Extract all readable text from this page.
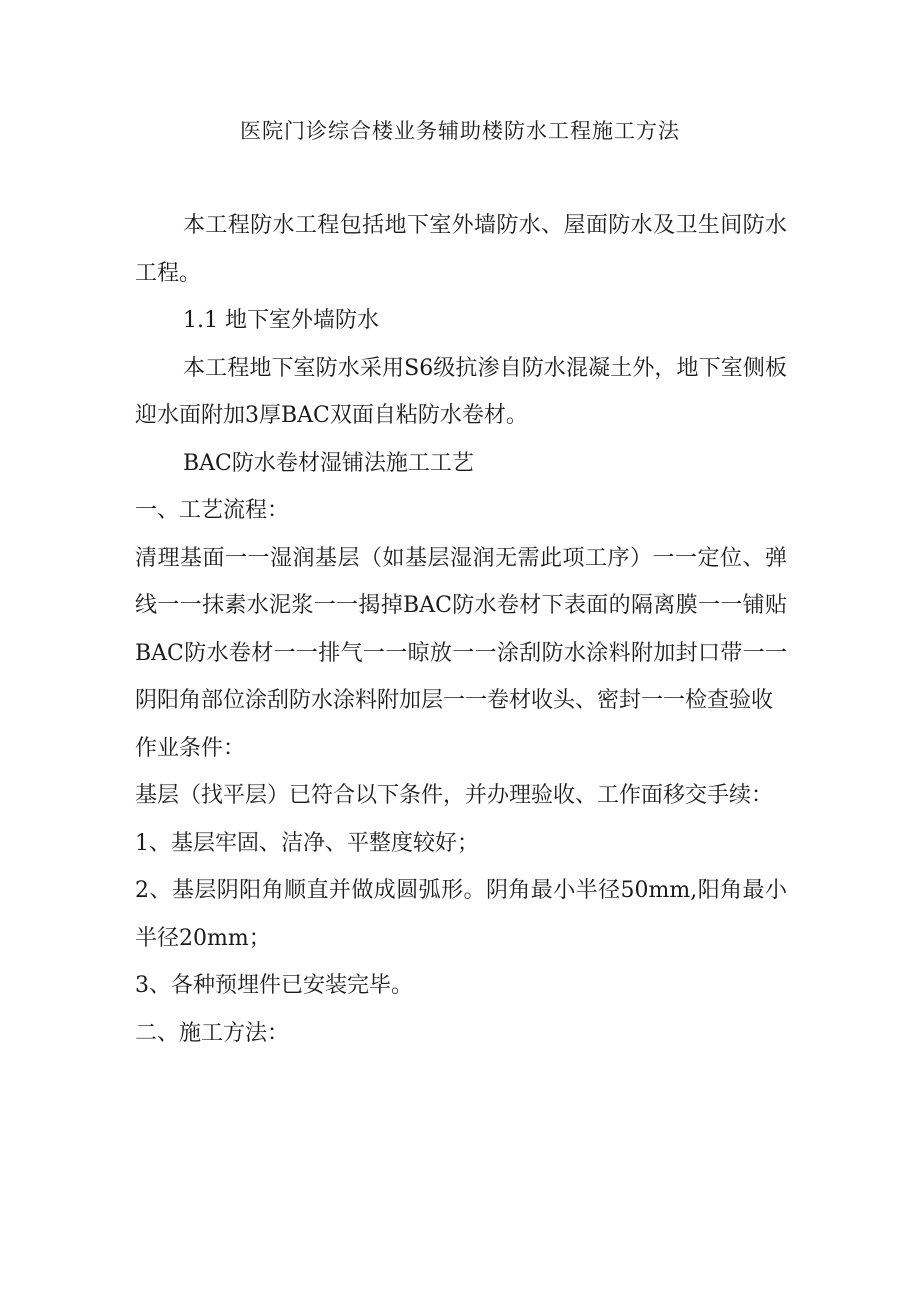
医院门诊综合楼业务辅助楼防水工程施工方法

本工程防水工程包括地下室外墙防水、屋面防水及卫生间防水工程。

1.1 地下室外墙防水

本工程地下室防水采用S6级抗渗自防水混凝土外，地下室侧板迎水面附加3厚BAC双面自粘防水卷材。

BAC防水卷材湿铺法施工工艺

一、工艺流程：

清理基面一一湿润基层（如基层湿润无需此项工序）一一定位、弹线一一抹素水泥浆一一揭掉BAC防水卷材下表面的隔离膜一一铺贴BAC防水卷材一一排气一一晾放一一涂刮防水涂料附加封口带一一阴阳角部位涂刮防水涂料附加层一一卷材收头、密封一一检查验收

作业条件：

基层（找平层）已符合以下条件，并办理验收、工作面移交手续：

1、基层牢固、洁净、平整度较好；

2、基层阴阳角顺直并做成圆弧形。阴角最小半径50mm,阳角最小半径20mm；

3、各种预埋件已安装完毕。

二、施工方法：
